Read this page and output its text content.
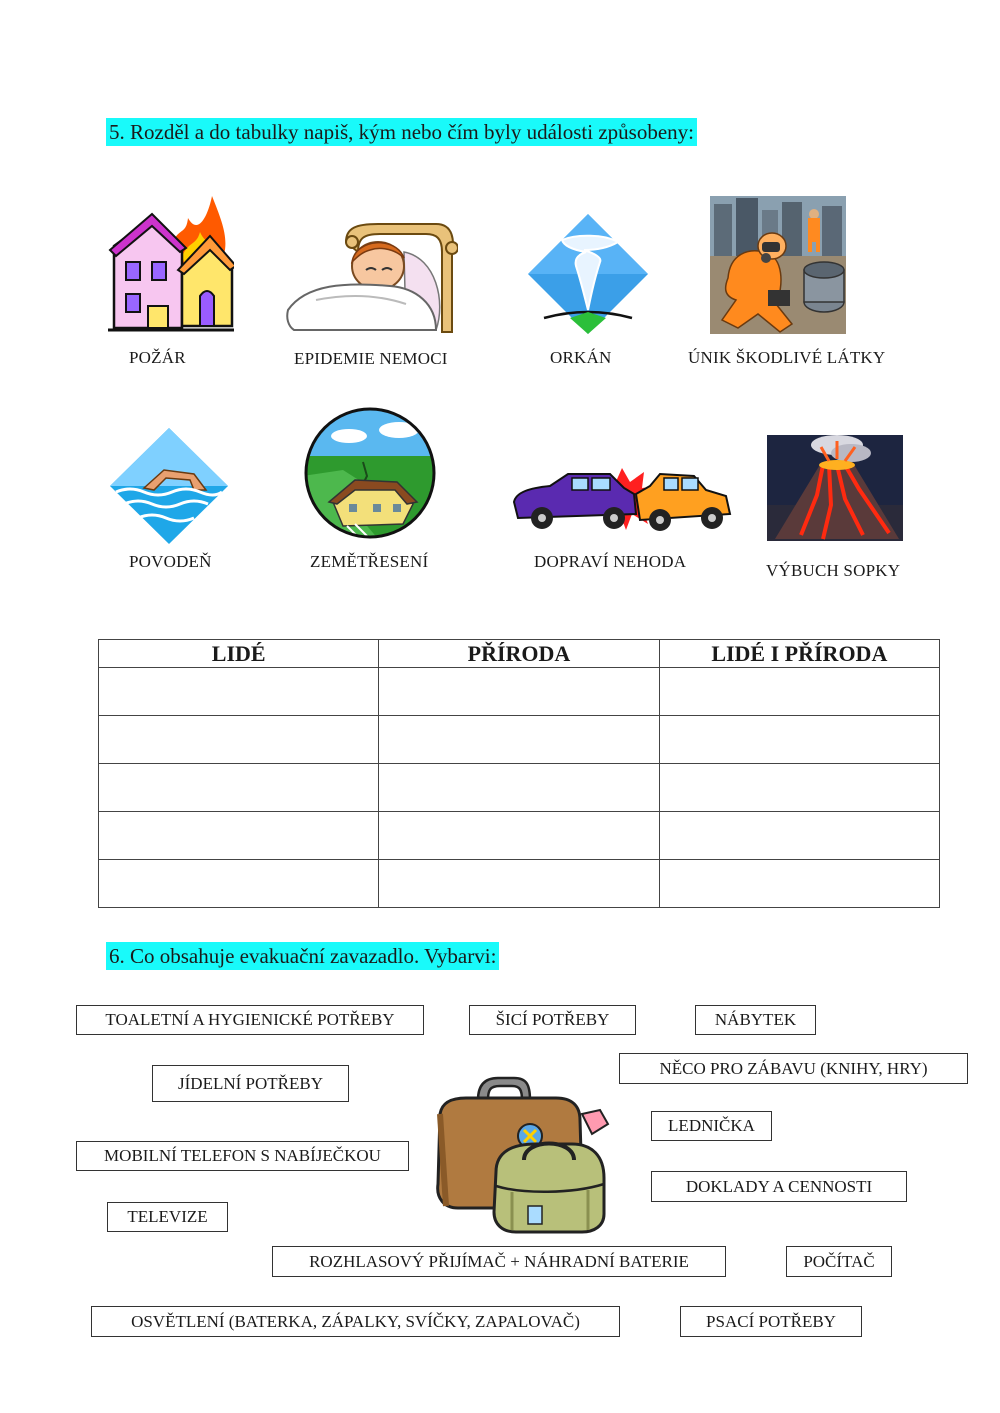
5. Rozděl a do tabulky napiš, kým nebo čím byly události způsobeny:
POŽÁR	EPIDEMIE NEMOCI	ORKÁN	ÚNIK ŠKODLIVÉ LÁTKY
POVODEŇ	ZEMĚTŘESENÍ	DOPRAVÍ NEHODA	VÝBUCH SOPKY
LIDÉ	PŘÍRODA	LIDÉ I PŘÍRODA

6. Co obsahuje evakuační zavazadlo. Vybarvi:
TOALETNÍ A HYGIENICKÉ POTŘEBY	ŠICÍ POTŘEBY	NÁBYTEK
NĚCO PRO ZÁBAVU (KNIHY, HRY)
JÍDELNÍ POTŘEBY
LEDNIČKA
MOBILNÍ TELEFON S NABÍJEČKOU
DOKLADY A CENNOSTI
TELEVIZE
ROZHLASOVÝ PŘIJÍMAČ + NÁHRADNÍ BATERIE	POČÍTAČ
OSVĚTLENÍ (BATERKA, ZÁPALKY, SVÍČKY, ZAPALOVAČ)	PSACÍ POTŘEBY
